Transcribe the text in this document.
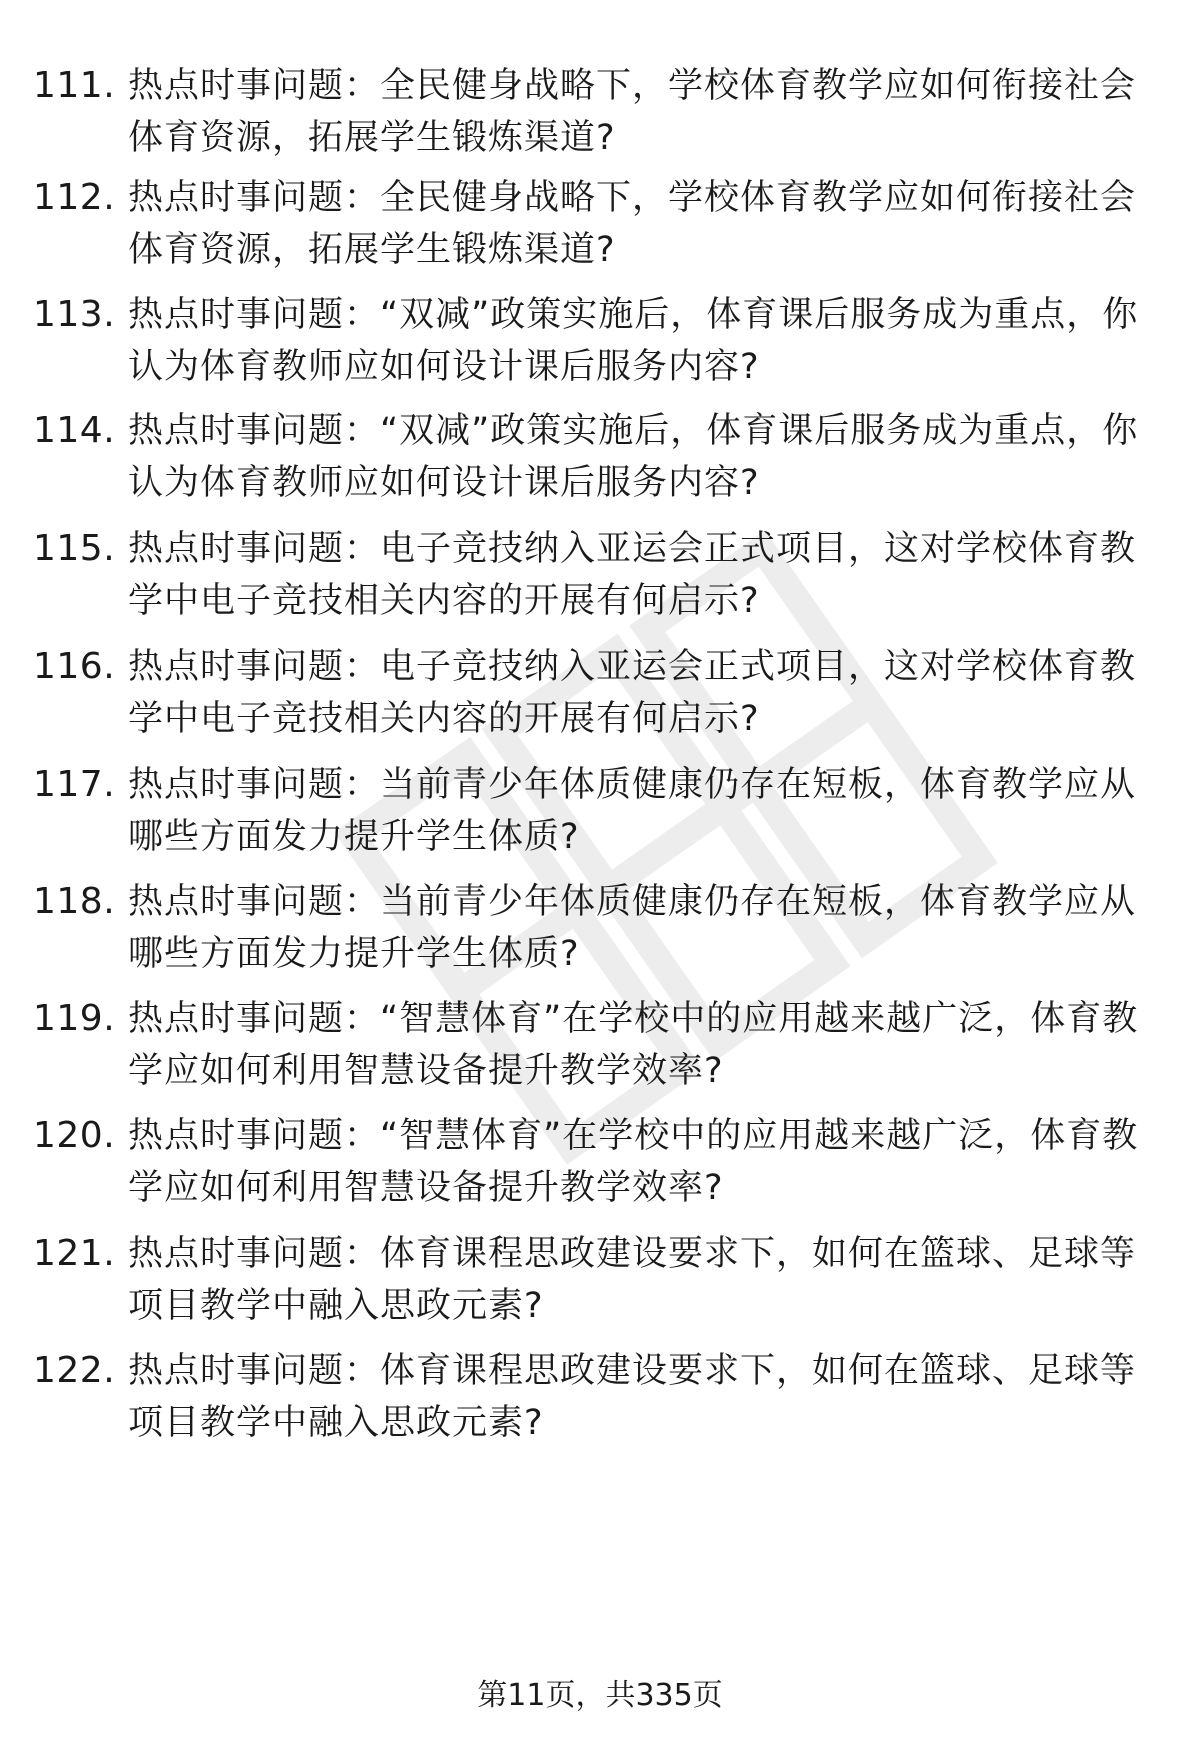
111. 热点时事问题：全民健身战略下，学校体育教学应如何衔接社会体育资源，拓展学生锻炼渠道?
112. 热点时事问题：全民健身战略下，学校体育教学应如何衔接社会体育资源，拓展学生锻炼渠道?
113. 热点时事问题：“双减”政策实施后，体育课后服务成为重点，你认为体育教师应如何设计课后服务内容?
114. 热点时事问题：“双减”政策实施后，体育课后服务成为重点，你认为体育教师应如何设计课后服务内容?
115. 热点时事问题：电子竞技纳入亚运会正式项目，这对学校体育教学中电子竞技相关内容的开展有何启示?
116. 热点时事问题：电子竞技纳入亚运会正式项目，这对学校体育教学中电子竞技相关内容的开展有何启示?
117. 热点时事问题：当前青少年体质健康仍存在短板，体育教学应从哪些方面发力提升学生体质?
118. 热点时事问题：当前青少年体质健康仍存在短板，体育教学应从哪些方面发力提升学生体质?
119. 热点时事问题：“智慧体育”在学校中的应用越来越广泛，体育教学应如何利用智慧设备提升教学效率?
120. 热点时事问题：“智慧体育”在学校中的应用越来越广泛，体育教学应如何利用智慧设备提升教学效率?
121. 热点时事问题：体育课程思政建设要求下，如何在篮球、足球等项目教学中融入思政元素?
122. 热点时事问题：体育课程思政建设要求下，如何在篮球、足球等项目教学中融入思政元素?
第11页，共335页
